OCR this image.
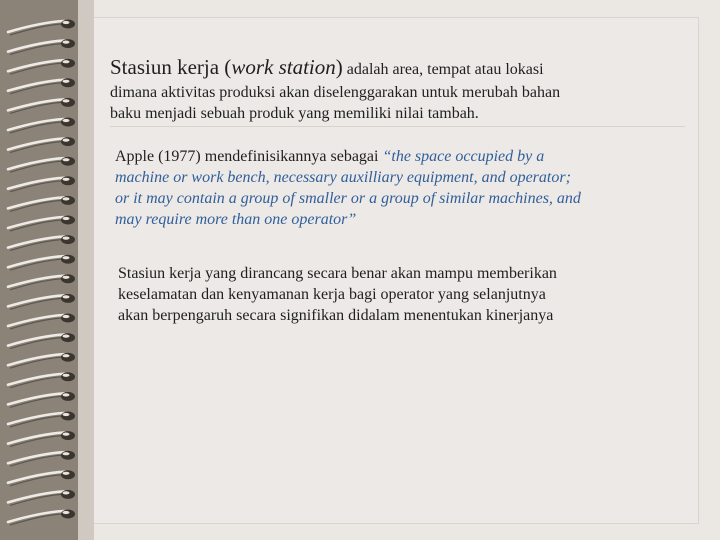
Stasiun kerja (work station) adalah area, tempat atau lokasi
dimana aktivitas produksi akan diselenggarakan untuk merubah bahan
baku menjadi sebuah produk yang memiliki nilai tambah.

Apple (1977) mendefinisikannya sebagai “the space occupied by a
machine or work bench, necessary auxilliary equipment, and operator;
or it may contain a group of smaller or a group of similar machines, and
may require more than one operator”
Stasiun kerja yang dirancang secara benar akan mampu memberikan
keselamatan dan kenyamanan kerja bagi operator yang selanjutnya
akan berpengaruh secara signifikan didalam menentukan kinerjanya
